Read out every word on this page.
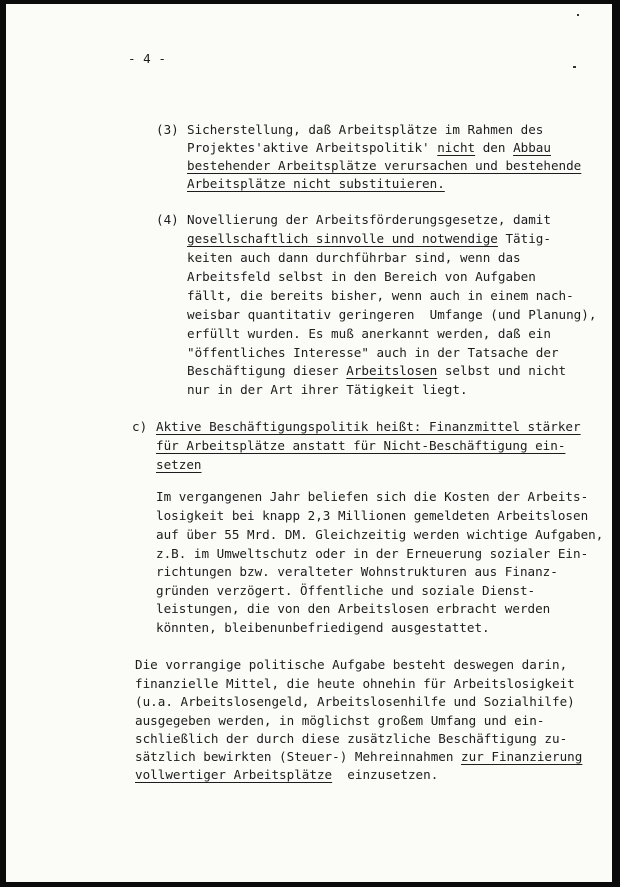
- 4 -
(3) Sicherstellung, daß Arbeitsplätze im Rahmen des
Projektes'aktive Arbeitspolitik' nicht den Abbau
bestehender Arbeitsplätze verursachen und bestehende
Arbeitsplätze nicht substituieren.
(4) Novellierung der Arbeitsförderungsgesetze, damit
gesellschaftlich sinnvolle und notwendige Tätig-
keiten auch dann durchführbar sind, wenn das
Arbeitsfeld selbst in den Bereich von Aufgaben
fällt, die bereits bisher, wenn auch in einem nach-
weisbar quantitativ geringeren  Umfange (und Planung),
erfüllt wurden. Es muß anerkannt werden, daß ein
"öffentliches Interesse" auch in der Tatsache der
Beschäftigung dieser Arbeitslosen selbst und nicht
nur in der Art ihrer Tätigkeit liegt.
c) Aktive Beschäftigungspolitik heißt: Finanzmittel stärker
für Arbeitsplätze anstatt für Nicht-Beschäftigung ein-
setzen
Im vergangenen Jahr beliefen sich die Kosten der Arbeits-
losigkeit bei knapp 2,3 Millionen gemeldeten Arbeitslosen
auf über 55 Mrd. DM. Gleichzeitig werden wichtige Aufgaben,
z.B. im Umweltschutz oder in der Erneuerung sozialer Ein-
richtungen bzw. veralteter Wohnstrukturen aus Finanz-
gründen verzögert. Öffentliche und soziale Dienst-
leistungen, die von den Arbeitslosen erbracht werden
könnten, bleibenunbefriedigend ausgestattet.
Die vorrangige politische Aufgabe besteht deswegen darin,
finanzielle Mittel, die heute ohnehin für Arbeitslosigkeit
(u.a. Arbeitslosengeld, Arbeitslosenhilfe und Sozialhilfe)
ausgegeben werden, in möglichst großem Umfang und ein-
schließlich der durch diese zusätzliche Beschäftigung zu-
sätzlich bewirkten (Steuer-) Mehreinnahmen zur Finanzierung
vollwertiger Arbeitsplätze  einzusetzen.
